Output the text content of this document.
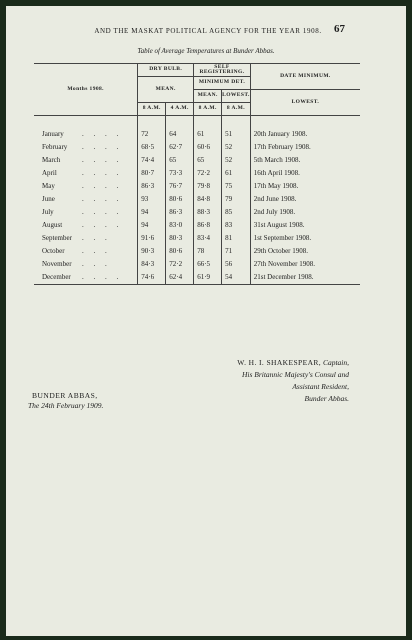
AND THE MASKAT POLITICAL AGENCY FOR THE YEAR 1908.	67
Table of Average Temperatures at Bunder Abbas.
Months 1908.	DRY BULB.		SELF REGISTERING.		DATE MINIMUM.
	MEAN.		MINIMUM DET.		
			MEAN.	LOWEST.	LOWEST.
	8 A.M.	4 A.M.	8 A.M.	8 A.M.	

January . . . .	72	64	61	51	20th January 1908.
February . . . .	68·5	62·7	60·6	52	17th February 1908.
March . . . .	74·4	65	65	52	5th March 1908.
April . . . .	80·7	73·3	72·2	61	16th April 1908.
May . . . .	86·3	76·7	79·8	75	17th May 1908.
June . . . .	93	80·6	84·8	79	2nd June 1908.
July . . . .	94	86·3	88·3	85	2nd July 1908.
August . . . .	94	83·0	86·8	83	31st August 1908.
September . . .	91·6	80·3	83·4	81	1st September 1908.
October . . .	90·3	80·6	78	71	29th October 1908.
November . . .	84·3	72·2	66·5	56	27th November 1908.
December . . . .	74·6	62·4	61·9	54	21st December 1908.
W. H. I. SHAKESPEAR, Captain,
His Britannic Majesty's Consul and
Assistant Resident,
Bunder Abbas.
BUNDER ABBAS,
The 24th February 1909.
